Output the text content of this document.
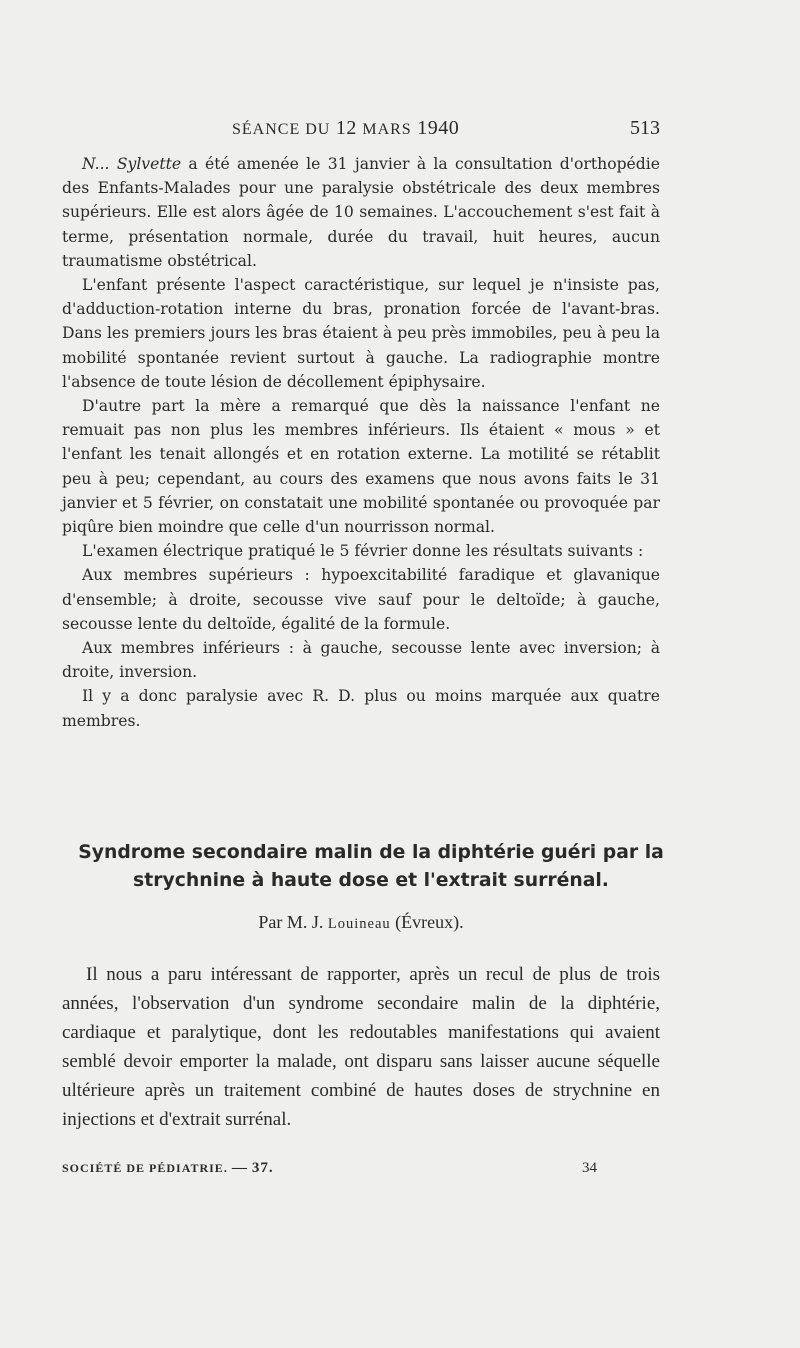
SÉANCE DU 12 MARS 1940	513

N... Sylvette a été amenée le 31 janvier à la consultation d'orthopédie des Enfants-Malades pour une paralysie obstétricale des deux membres supérieurs. Elle est alors âgée de 10 semaines. L'accouchement s'est fait à terme, présentation normale, durée du travail, huit heures, aucun traumatisme obstétrical.

L'enfant présente l'aspect caractéristique, sur lequel je n'insiste pas, d'adduction-rotation interne du bras, pronation forcée de l'avant-bras. Dans les premiers jours les bras étaient à peu près immobiles, peu à peu la mobilité spontanée revient surtout à gauche. La radiographie montre l'absence de toute lésion de décollement épiphysaire.

D'autre part la mère a remarqué que dès la naissance l'enfant ne remuait pas non plus les membres inférieurs. Ils étaient « mous » et l'enfant les tenait allongés et en rotation externe. La motilité se rétablit peu à peu; cependant, au cours des examens que nous avons faits le 31 janvier et 5 février, on constatait une mobilité spontanée ou provoquée par piqûre bien moindre que celle d'un nourrisson normal.

L'examen électrique pratiqué le 5 février donne les résultats suivants :

Aux membres supérieurs : hypoexcitabilité faradique et glavanique d'ensemble; à droite, secousse vive sauf pour le deltoïde; à gauche, secousse lente du deltoïde, égalité de la formule.

Aux membres inférieurs : à gauche, secousse lente avec inversion; à droite, inversion.

Il y a donc paralysie avec R. D. plus ou moins marquée aux quatre membres.

Syndrome secondaire malin de la diphtérie guéri par la
strychnine à haute dose et l'extrait surrénal.
Par M. J. Louineau (Évreux).

Il nous a paru intéressant de rapporter, après un recul de plus de trois années, l'observation d'un syndrome secondaire malin de la diphtérie, cardiaque et paralytique, dont les redoutables manifestations qui avaient semblé devoir emporter la malade, ont disparu sans laisser aucune séquelle ultérieure après un traitement combiné de hautes doses de strychnine en injections et d'extrait surrénal.

SOCIÉTÉ DE PÉDIATRIE. — 37.	34
